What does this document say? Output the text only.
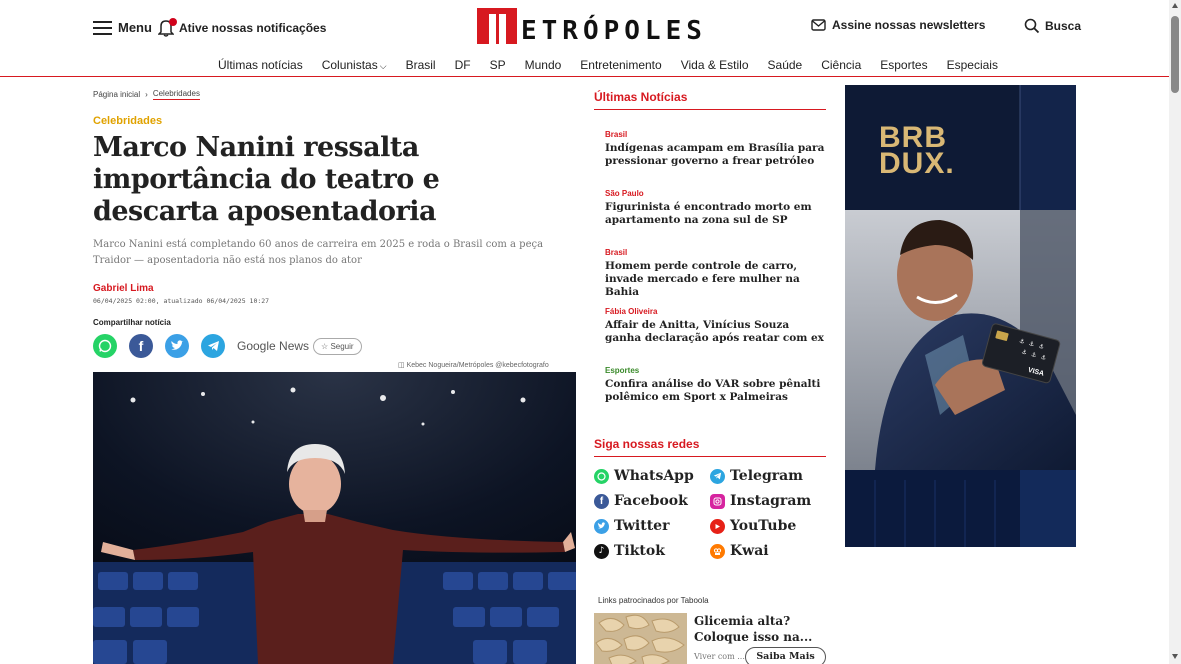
Menu Ative nossas notificações	ETRÓPOLES	Assine nossas newsletters	Busca
Últimas notícias Colunistas ⌵ Brasil DF SP Mundo Entretenimento Vida & Estilo Saúde Ciência Esportes Especiais
Página inicial › Celebridades
Celebridades
Marco Nanini ressalta importância do teatro e descarta aposentadoria

Marco Nanini está completando 60 anos de carreira em 2025 e roda o Brasil com a peça Traidor — aposentadoria não está nos planos do ator

Gabriel Lima
06/04/2025 02:00, atualizado 06/04/2025 10:27
Compartilhar notícia
f	Google News	☆ Seguir
◫ Kebec Nogueira/Metrópoles @kebecfotografo
Últimas Notícias
Brasil
Indígenas acampam em Brasília para pressionar governo a frear petróleo
São Paulo
Figurinista é encontrado morto em apartamento na zona sul de SP
Brasil
Homem perde controle de carro, invade mercado e fere mulher na Bahia
Fábia Oliveira
Affair de Anitta, Vinícius Souza ganha declaração após reatar com ex
Esportes
Confira análise do VAR sobre pênalti polêmico em Sport x Palmeiras
Siga nossas redes
WhatsApp	Telegram
f Facebook	Instagram
Twitter	YouTube
♪ Tiktok	Kwai
Links patrocinados por Taboola
Glicemia alta? Coloque isso na...
Viver com ...	Saiba Mais
VISA
⚓ ⚓ ⚓
⚓ ⚓ ⚓
BRB
DUX.
